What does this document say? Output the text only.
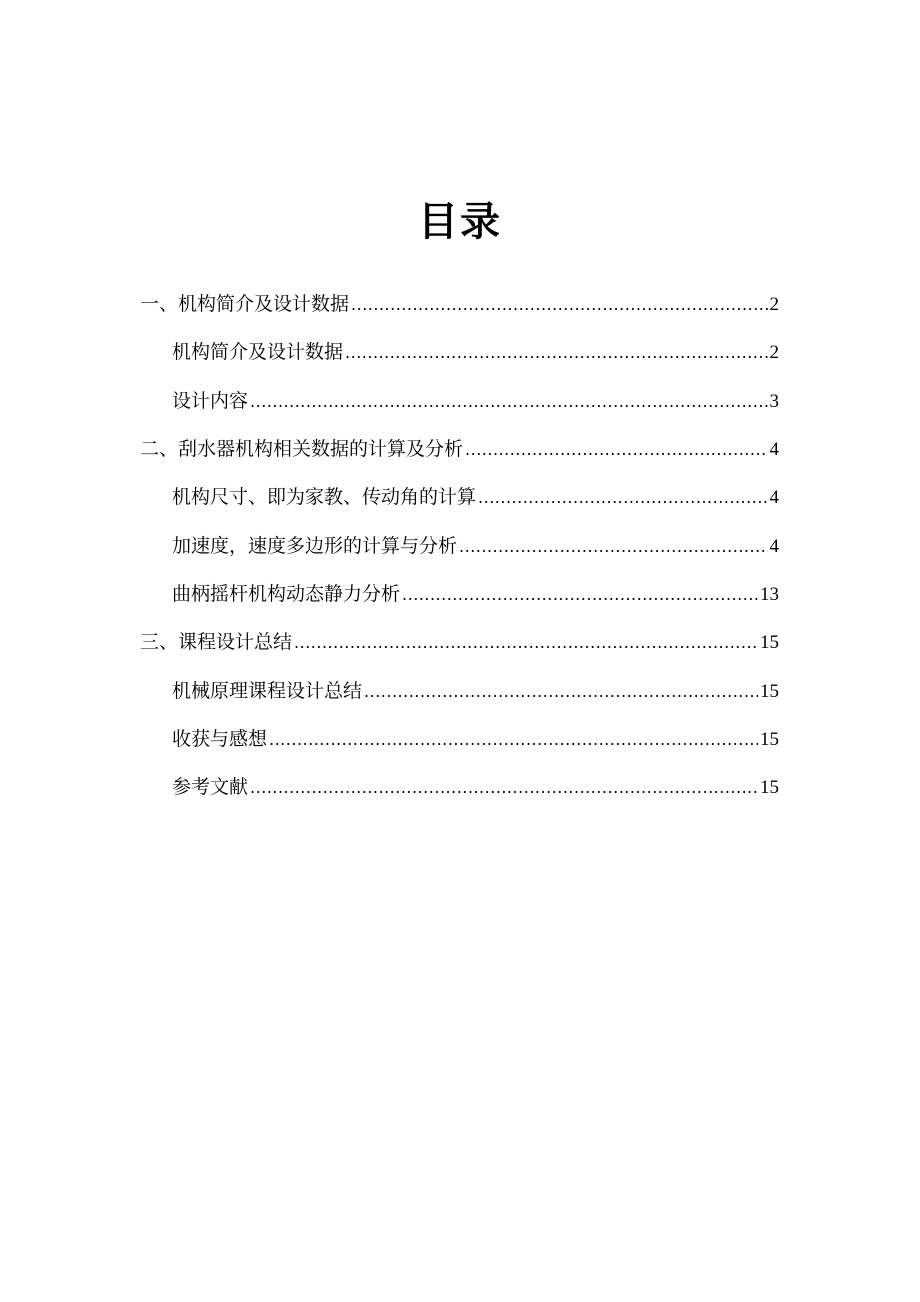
目录
一、机构简介及设计数据 .....	2
机构简介及设计数据 .....	2
设计内容 .....	3
二、刮水器机构相关数据的计算及分析 .....	4
机构尺寸、即为家教、传动角的计算 .....	4
加速度，速度多边形的计算与分析 .....	4
曲柄摇杆机构动态静力分析 .....	13
三、课程设计总结 .....	15
机械原理课程设计总结 .....	15
收获与感想 .....	15
参考文献 .....	15
